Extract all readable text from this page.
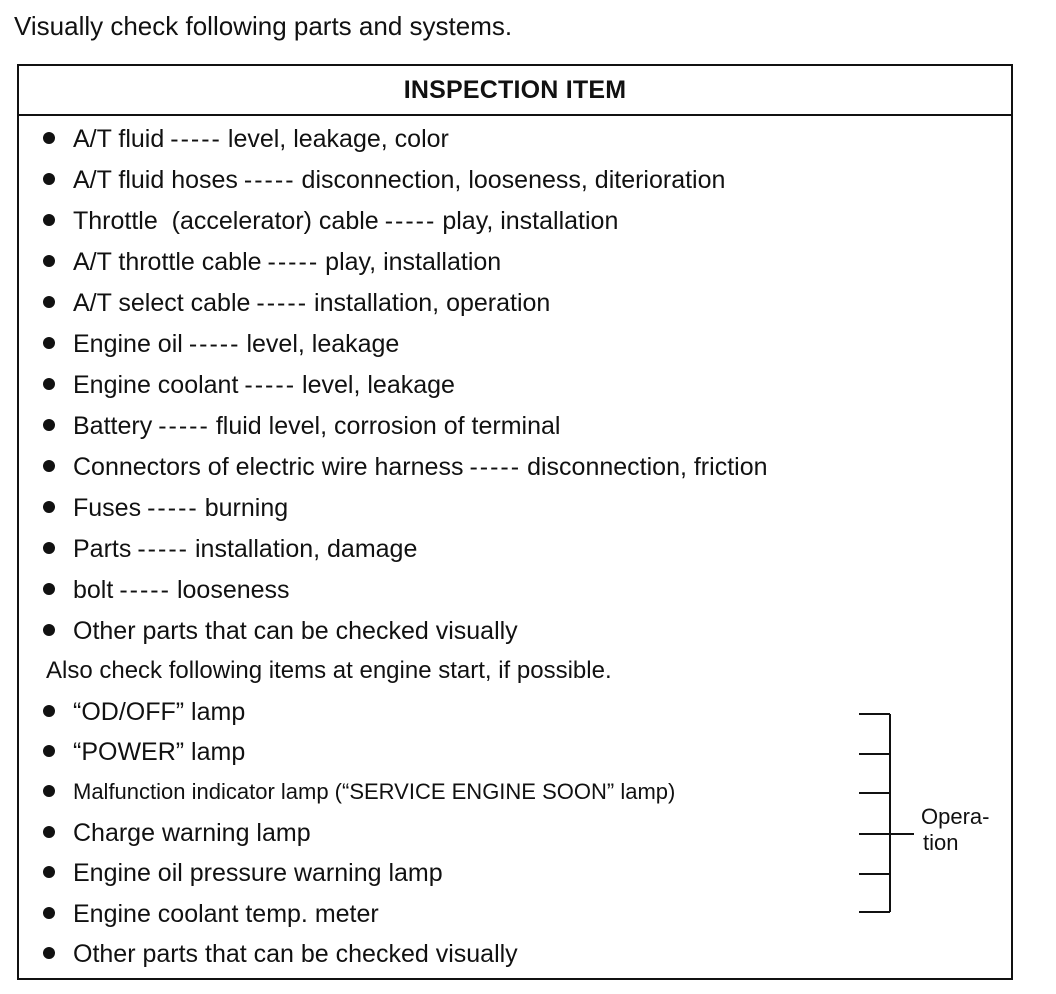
Visually check following parts and systems.
INSPECTION ITEM
A/T fluid ----- level, leakage, color
A/T fluid hoses ----- disconnection, looseness, diterioration
Throttle  (accelerator) cable ----- play, installation
A/T throttle cable ----- play, installation
A/T select cable ----- installation, operation
Engine oil ----- level, leakage
Engine coolant ----- level, leakage
Battery ----- fluid level, corrosion of terminal
Connectors of electric wire harness ----- disconnection, friction
Fuses ----- burning
Parts ----- installation, damage
bolt ----- looseness
Other parts that can be checked visually
Also check following items at engine start, if possible.
“OD/OFF” lamp
“POWER” lamp
Malfunction indicator lamp (“SERVICE ENGINE SOON” lamp)
Charge warning lamp
Engine oil pressure warning lamp
Engine coolant temp. meter
Other parts that can be checked visually
Opera-
tion
